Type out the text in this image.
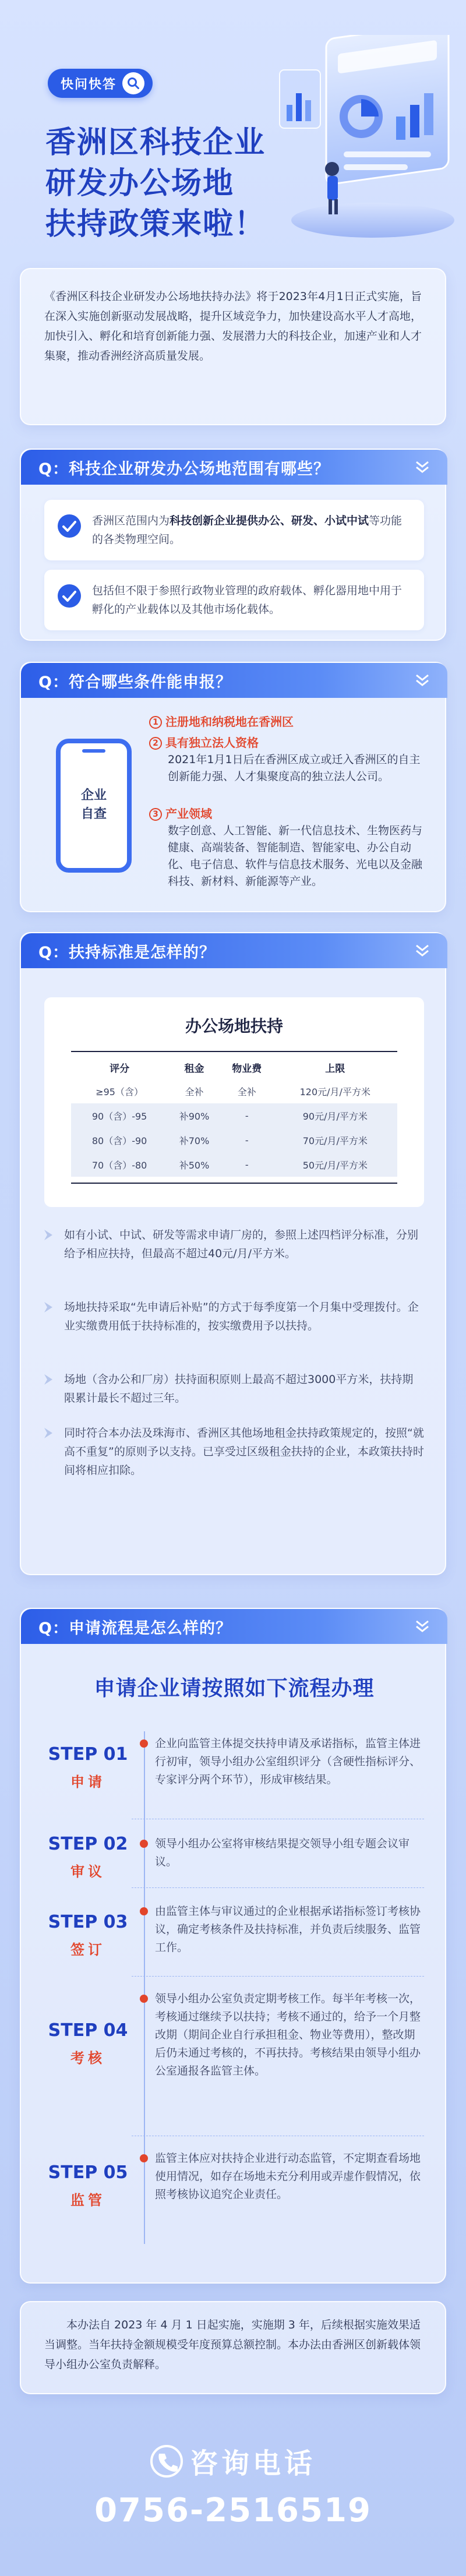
快问快答
香洲区科技企业
研发办公场地
扶持政策来啦！

《香洲区科技企业研发办公场地扶持办法》将于2023年4月1日正式实施，旨在深入实施创新驱动发展战略，提升区域竞争力，加快建设高水平人才高地，加快引入、孵化和培育创新能力强、发展潜力大的科技企业，加速产业和人才集聚，推动香洲经济高质量发展。

Q：科技企业研发办公场地范围有哪些？

香洲区范围内为科技创新企业提供办公、研发、小试中试等功能的各类物理空间。

包括但不限于参照行政物业管理的政府载体、孵化器用地中用于孵化的产业载体以及其他市场化载体。

Q：符合哪些条件能申报？
企业
自查
1 注册地和纳税地在香洲区
2 具有独立法人资格
2021年1月1日后在香洲区成立或迁入香洲区的自主创新能力强、人才集聚度高的独立法人公司。
3 产业领域
数字创意、人工智能、新一代信息技术、生物医药与健康、高端装备、智能制造、智能家电、办公自动化、电子信息、软件与信息技术服务、光电以及金融科技、新材料、新能源等产业。
Q：扶持标准是怎样的？
办公场地扶持
评分	租金	物业费	上限
≥95（含）	全补	全补	120元/月/平方米
90（含）-95	补90%	-	90元/月/平方米
80（含）-90	补70%	-	70元/月/平方米
70（含）-80	补50%	-	50元/月/平方米

如有小试、中试、研发等需求申请厂房的，参照上述四档评分标准，分别给予相应扶持，但最高不超过40元/月/平方米。

场地扶持采取“先申请后补贴”的方式于每季度第一个月集中受理拨付。企业实缴费用低于扶持标准的，按实缴费用予以扶持。

场地（含办公和厂房）扶持面积原则上最高不超过3000平方米，扶持期限累计最长不超过三年。

同时符合本办法及珠海市、香洲区其他场地租金扶持政策规定的，按照“就高不重复”的原则予以支持。已享受过区级租金扶持的企业，本政策扶持时间将相应扣除。

Q：申请流程是怎么样的？
申请企业请按照如下流程办理
STEP 01
申请
企业向监管主体提交扶持申请及承诺指标，监管主体进行初审，领导小组办公室组织评分（含硬性指标评分、专家评分两个环节），形成审核结果。
STEP 02
审议
领导小组办公室将审核结果提交领导小组专题会议审议。
STEP 03
签订
由监管主体与审议通过的企业根据承诺指标签订考核协议，确定考核条件及扶持标准，并负责后续服务、监管工作。
STEP 04
考核
领导小组办公室负责定期考核工作。每半年考核一次，考核通过继续予以扶持；考核不通过的，给予一个月整改期（期间企业自行承担租金、物业等费用），整改期后仍未通过考核的，不再扶持。考核结果由领导小组办公室通报各监管主体。
STEP 05
监管
监管主体应对扶持企业进行动态监管，不定期查看场地使用情况，如存在场地未充分利用或弄虚作假情况，依照考核协议追究企业责任。

本办法自 2023 年 4 月 1 日起实施，实施期 3 年，后续根据实施效果适当调整。当年扶持金额规模受年度预算总额控制。本办法由香洲区创新载体领导小组办公室负责解释。

咨询电话
0756-2516519
